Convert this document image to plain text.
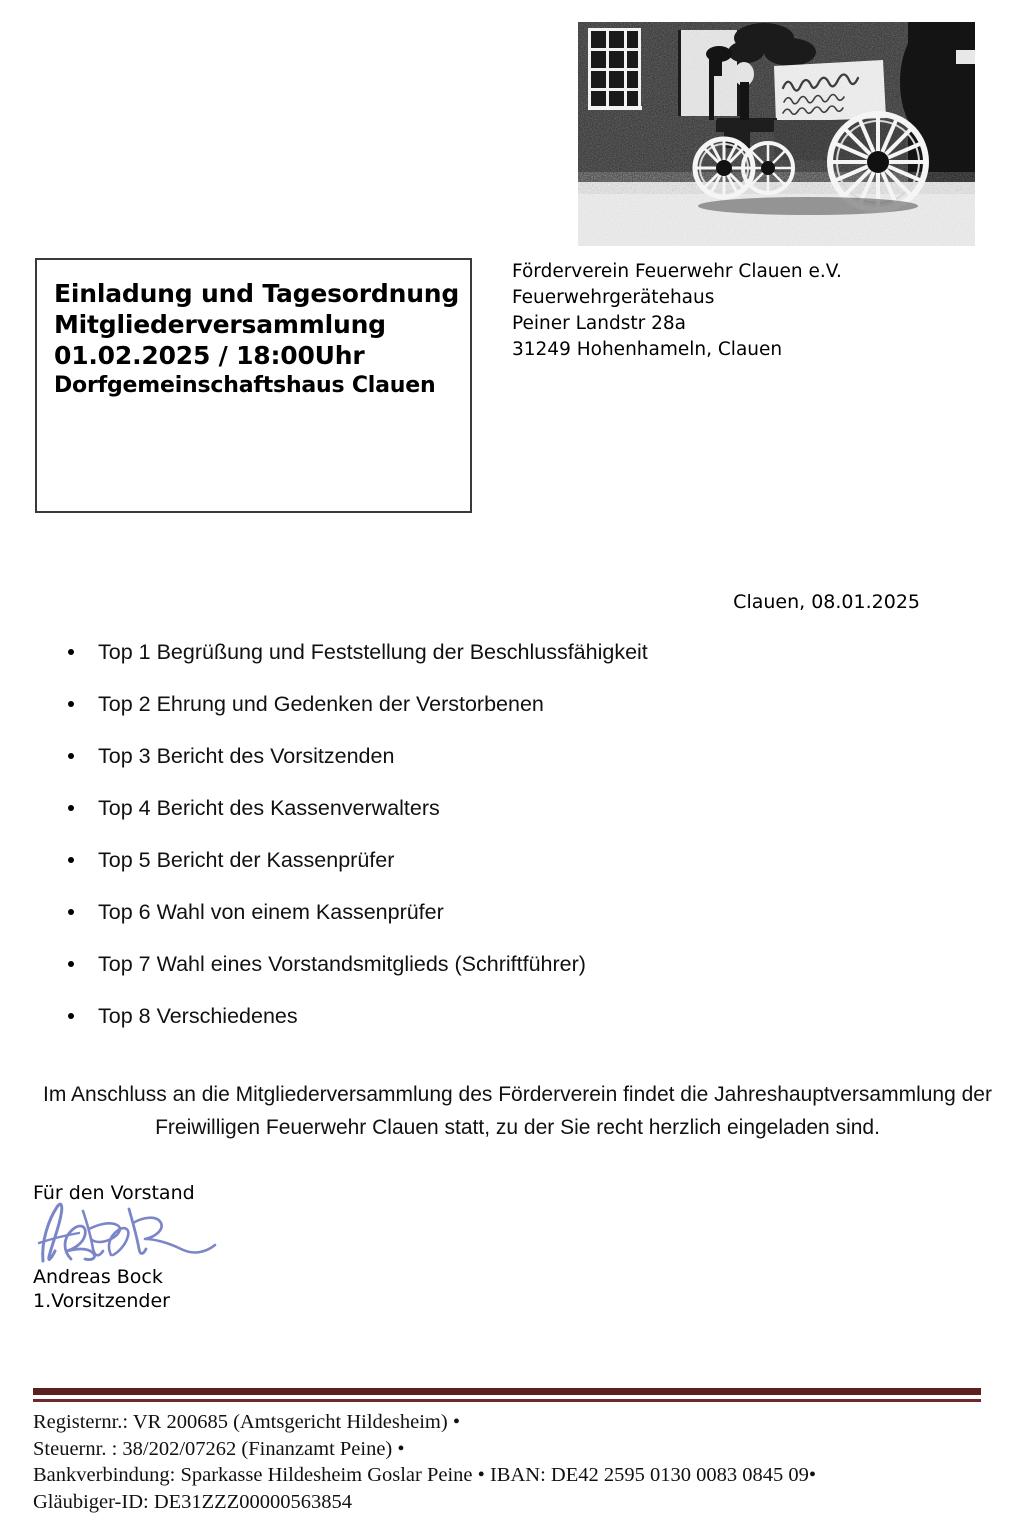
Einladung und Tagesordnung
Mitgliederversammlung
01.02.2025 / 18:00Uhr
Dorfgemeinschaftshaus Clauen
Förderverein Feuerwehr Clauen e.V.
Feuerwehrgerätehaus
Peiner Landstr 28a
31249 Hohenhameln, Clauen
Clauen, 08.01.2025
Top 1 Begrüßung und Feststellung der Beschlussfähigkeit
Top 2 Ehrung und Gedenken der Verstorbenen
Top 3 Bericht des Vorsitzenden
Top 4 Bericht des Kassenverwalters
Top 5 Bericht der Kassenprüfer
Top 6 Wahl von einem Kassenprüfer
Top 7 Wahl eines Vorstandsmitglieds (Schriftführer)
Top 8 Verschiedenes
Im Anschluss an die Mitgliederversammlung des Förderverein findet die Jahreshauptversammlung der Freiwilligen Feuerwehr Clauen statt, zu der Sie recht herzlich eingeladen sind.
Für den Vorstand
Andreas Bock
1.Vorsitzender
Registernr.: VR 200685 (Amtsgericht Hildesheim) •
Steuernr. : 38/202/07262 (Finanzamt Peine) •
Bankverbindung: Sparkasse Hildesheim Goslar Peine • IBAN: DE42 2595 0130 0083 0845 09•
Gläubiger-ID: DE31ZZZ00000563854
